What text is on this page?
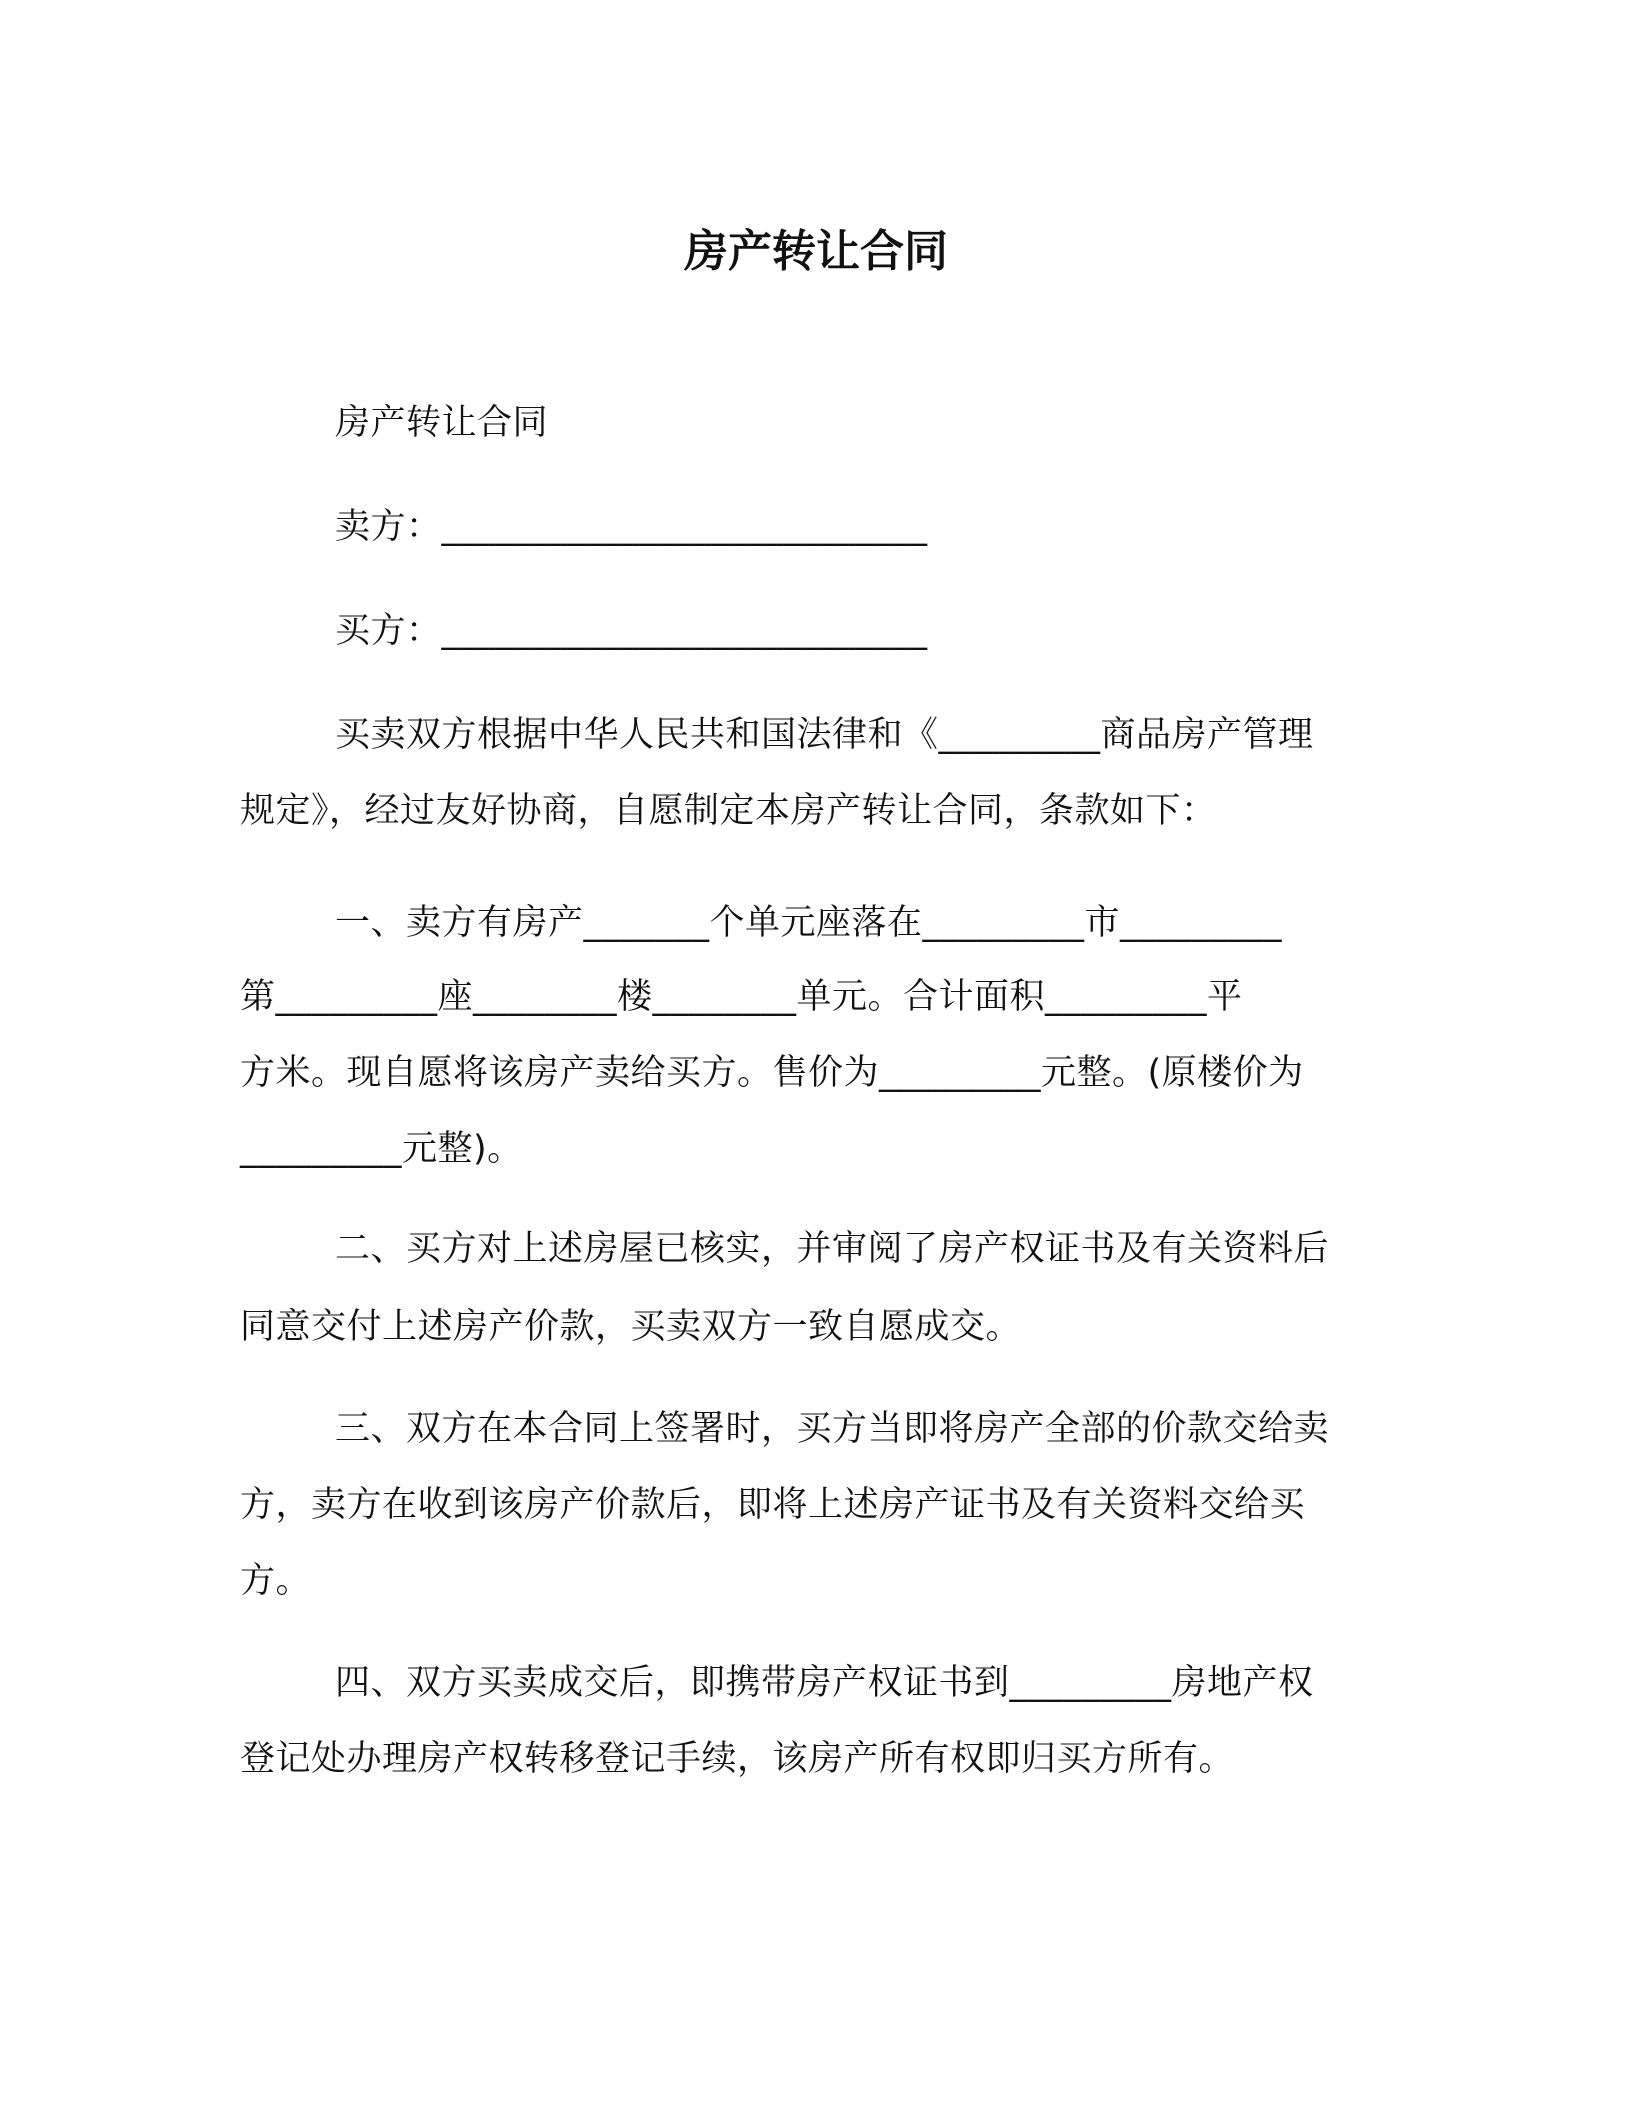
房产转让合同
房产转让合同
卖方：___________________________
买方：___________________________
买卖双方根据中华人民共和国法律和《_________商品房产管理
规定》，经过友好协商，自愿制定本房产转让合同，条款如下：
一、卖方有房产_______个单元座落在_________市_________
第_________座________楼________单元。合计面积_________平
方米。现自愿将该房产卖给买方。售价为_________元整。(原楼价为
_________元整)。
二、买方对上述房屋已核实，并审阅了房产权证书及有关资料后
同意交付上述房产价款，买卖双方一致自愿成交。
三、双方在本合同上签署时，买方当即将房产全部的价款交给卖
方，卖方在收到该房产价款后，即将上述房产证书及有关资料交给买
方。
四、双方买卖成交后，即携带房产权证书到_________房地产权
登记处办理房产权转移登记手续，该房产所有权即归买方所有。
